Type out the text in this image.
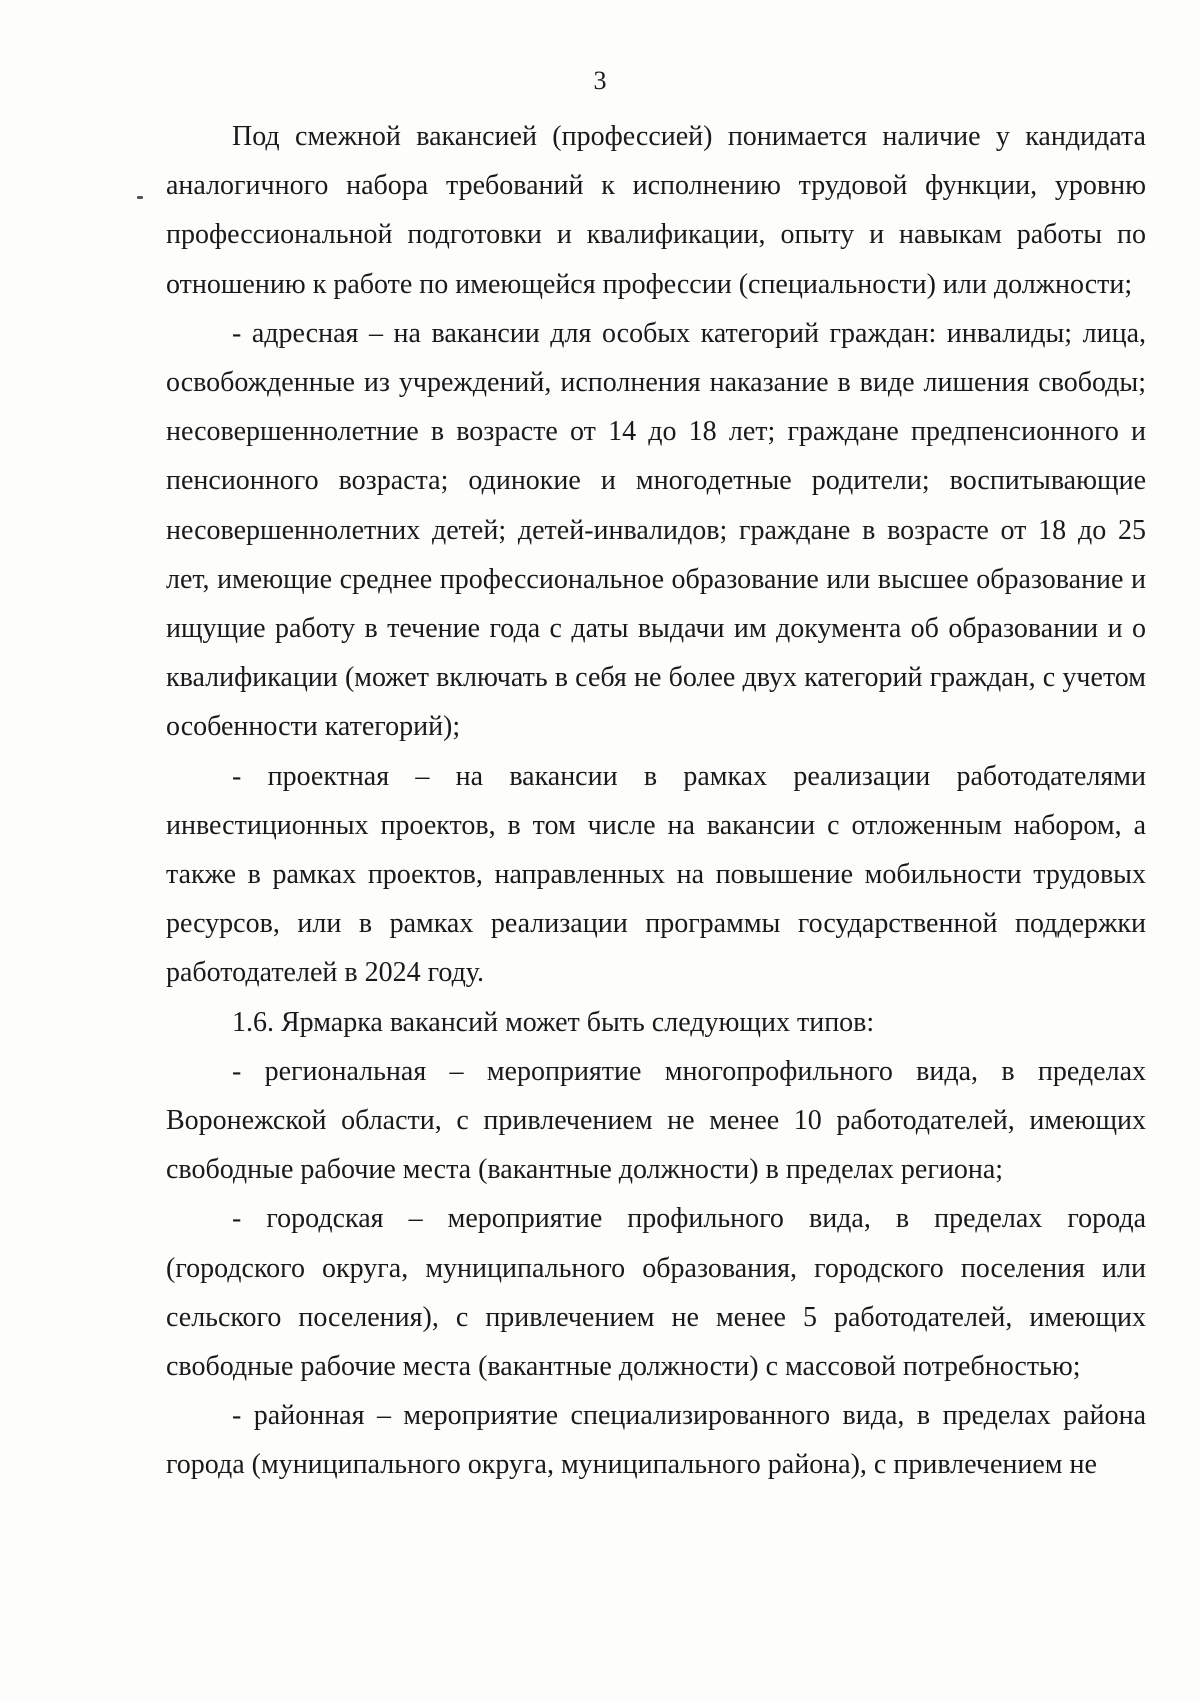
3

Под смежной вакансией (профессией) понимается наличие у кандидата аналогичного набора требований к исполнению трудовой функции, уровню профессиональной подготовки и квалификации, опыту и навыкам работы по отношению к работе по имеющейся профессии (специальности) или должности;

- адресная – на вакансии для особых категорий граждан: инвалиды; лица, освобожденные из учреждений, исполнения наказание в виде лишения свободы; несовершеннолетние в возрасте от 14 до 18 лет; граждане предпенсионного и пенсионного возраста; одинокие и многодетные родители; воспитывающие несовершеннолетних детей; детей-инвалидов; граждане в возрасте от 18 до 25 лет, имеющие среднее профессиональное образование или высшее образование и ищущие работу в течение года с даты выдачи им документа об образовании и о квалификации (может включать в себя не более двух категорий граждан, с учетом особенности категорий);

- проектная – на вакансии в рамках реализации работодателями инвестиционных проектов, в том числе на вакансии с отложенным набором, а также в рамках проектов, направленных на повышение мобильности трудовых ресурсов, или в рамках реализации программы государственной поддержки работодателей в 2024 году.

1.6. Ярмарка вакансий может быть следующих типов:

- региональная – мероприятие многопрофильного вида, в пределах Воронежской области, с привлечением не менее 10 работодателей, имеющих свободные рабочие места (вакантные должности) в пределах региона;

- городская – мероприятие профильного вида, в пределах города (городского округа, муниципального образования, городского поселения или сельского поселения), с привлечением не менее 5 работодателей, имеющих свободные рабочие места (вакантные должности) с массовой потребностью;

- районная – мероприятие специализированного вида, в пределах района города (муниципального округа, муниципального района), с привлечением не
